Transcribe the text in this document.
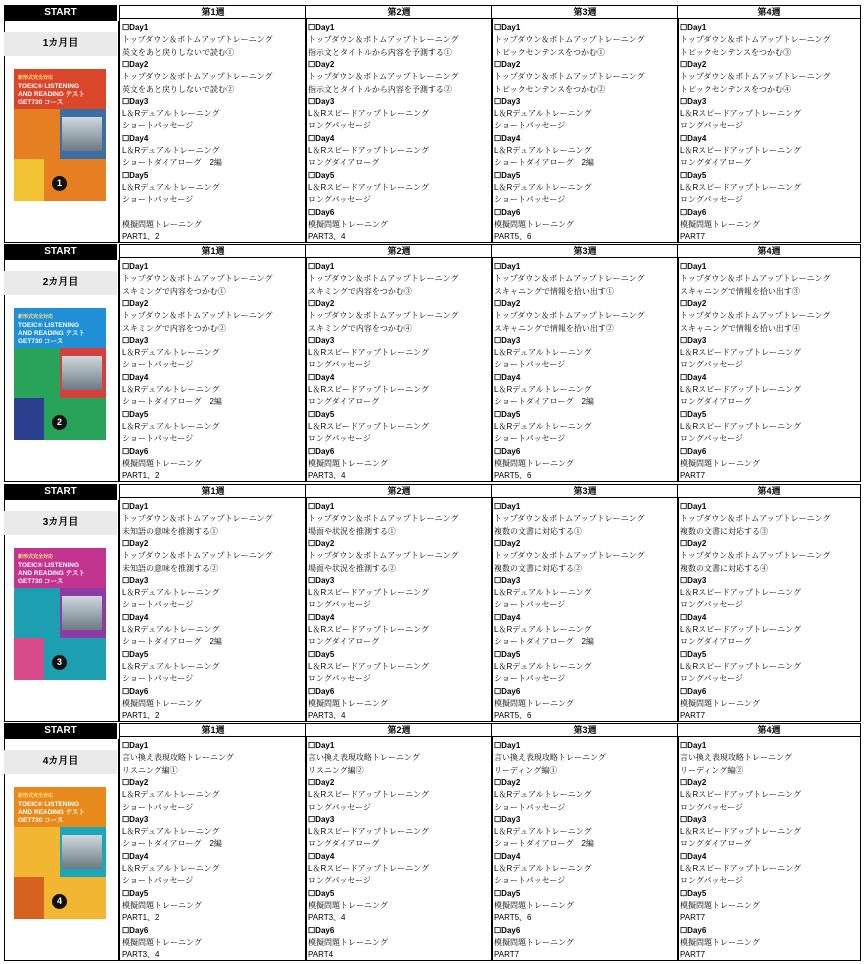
START
1カ月目
新形式完全対応
TOEIC® LISTENING
AND READING テスト
GET730 コース
1
第1週
☐Day1
トップダウン＆ボトムアップトレーニング
英文をあと戻りしないで読む①
☐Day2
トップダウン＆ボトムアップトレーニング
英文をあと戻りしないで読む②
☐Day3
L＆Rデュアルトレーニング
ショートパッセージ
☐Day4
L＆Rデュアルトレーニング
ショートダイアローグ　2編
☐Day5
L＆Rデュアルトレーニング
ショートパッセージ
模擬問題トレーニング
PART1、2
第2週
☐Day1
トップダウン＆ボトムアップトレーニング
指示文とタイトルから内容を予測する①
☐Day2
トップダウン＆ボトムアップトレーニング
指示文とタイトルから内容を予測する②
☐Day3
L＆Rスピードアップトレーニング
ロングパッセージ
☐Day4
L＆Rスピードアップトレーニング
ロングダイアローグ
☐Day5
L＆Rスピードアップトレーニング
ロングパッセージ
☐Day6
模擬問題トレーニング
PART3、4
第3週
☐Day1
トップダウン＆ボトムアップトレーニング
トピックセンテンスをつかむ①
☐Day2
トップダウン＆ボトムアップトレーニング
トピックセンテンスをつかむ②
☐Day3
L＆Rデュアルトレーニング
ショートパッセージ
☐Day4
L＆Rデュアルトレーニング
ショートダイアローグ　2編
☐Day5
L＆Rデュアルトレーニング
ショートパッセージ
☐Day6
模擬問題トレーニング
PART5、6
第4週
☐Day1
トップダウン＆ボトムアップトレーニング
トピックセンテンスをつかむ③
☐Day2
トップダウン＆ボトムアップトレーニング
トピックセンテンスをつかむ④
☐Day3
L＆Rスピードアップトレーニング
ロングパッセージ
☐Day4
L＆Rスピードアップトレーニング
ロングダイアローグ
☐Day5
L＆Rスピードアップトレーニング
ロングパッセージ
☐Day6
模擬問題トレーニング
PART7
START
2カ月目
新形式完全対応
TOEIC® LISTENING
AND READING テスト
GET730 コース
2
第1週
☐Day1
トップダウン＆ボトムアップトレーニング
スキミングで内容をつかむ①
☐Day2
トップダウン＆ボトムアップトレーニング
スキミングで内容をつかむ②
☐Day3
L＆Rデュアルトレーニング
ショートパッセージ
☐Day4
L＆Rデュアルトレーニング
ショートダイアローグ　2編
☐Day5
L＆Rデュアルトレーニング
ショートパッセージ
☐Day6
模擬問題トレーニング
PART1、2
第2週
☐Day1
トップダウン＆ボトムアップトレーニング
スキミングで内容をつかむ③
☐Day2
トップダウン＆ボトムアップトレーニング
スキミングで内容をつかむ④
☐Day3
L＆Rスピードアップトレーニング
ロングパッセージ
☐Day4
L＆Rスピードアップトレーニング
ロングダイアローグ
☐Day5
L＆Rスピードアップトレーニング
ロングパッセージ
☐Day6
模擬問題トレーニング
PART3、4
第3週
☐Day1
トップダウン＆ボトムアップトレーニング
スキャニングで情報を拾い出す①
☐Day2
トップダウン＆ボトムアップトレーニング
スキャニングで情報を拾い出す②
☐Day3
L＆Rデュアルトレーニング
ショートパッセージ
☐Day4
L＆Rデュアルトレーニング
ショートダイアローグ　2編
☐Day5
L＆Rデュアルトレーニング
ショートパッセージ
☐Day6
模擬問題トレーニング
PART5、6
第4週
☐Day1
トップダウン＆ボトムアップトレーニング
スキャニングで情報を拾い出す③
☐Day2
トップダウン＆ボトムアップトレーニング
スキャニングで情報を拾い出す④
☐Day3
L＆Rスピードアップトレーニング
ロングパッセージ
☐Day4
L＆Rスピードアップトレーニング
ロングダイアローグ
☐Day5
L＆Rスピードアップトレーニング
ロングパッセージ
☐Day6
模擬問題トレーニング
PART7
START
3カ月目
新形式完全対応
TOEIC® LISTENING
AND READING テスト
GET730 コース
3
第1週
☐Day1
トップダウン＆ボトムアップトレーニング
未知語の意味を推測する①
☐Day2
トップダウン＆ボトムアップトレーニング
未知語の意味を推測する②
☐Day3
L＆Rデュアルトレーニング
ショートパッセージ
☐Day4
L＆Rデュアルトレーニング
ショートダイアローグ　2編
☐Day5
L＆Rデュアルトレーニング
ショートパッセージ
☐Day6
模擬問題トレーニング
PART1、2
第2週
☐Day1
トップダウン＆ボトムアップトレーニング
場面や状況を推測する①
☐Day2
トップダウン＆ボトムアップトレーニング
場面や状況を推測する②
☐Day3
L＆Rスピードアップトレーニング
ロングパッセージ
☐Day4
L＆Rスピードアップトレーニング
ロングダイアローグ
☐Day5
L＆Rスピードアップトレーニング
ロングパッセージ
☐Day6
模擬問題トレーニング
PART3、4
第3週
☐Day1
トップダウン＆ボトムアップトレーニング
複数の文書に対応する①
☐Day2
トップダウン＆ボトムアップトレーニング
複数の文書に対応する②
☐Day3
L＆Rデュアルトレーニング
ショートパッセージ
☐Day4
L＆Rデュアルトレーニング
ショートダイアローグ　2編
☐Day5
L＆Rデュアルトレーニング
ショートパッセージ
☐Day6
模擬問題トレーニング
PART5、6
第4週
☐Day1
トップダウン＆ボトムアップトレーニング
複数の文書に対応する③
☐Day2
トップダウン＆ボトムアップトレーニング
複数の文書に対応する④
☐Day3
L＆Rスピードアップトレーニング
ロングパッセージ
☐Day4
L＆Rスピードアップトレーニング
ロングダイアローグ
☐Day5
L＆Rスピードアップトレーニング
ロングパッセージ
☐Day6
模擬問題トレーニング
PART7
START
4カ月目
新形式完全対応
TOEIC® LISTENING
AND READING テスト
GET730 コース
4
第1週
☐Day1
言い換え表現攻略トレーニング
リスニング編①
☐Day2
L＆Rデュアルトレーニング
ショートパッセージ
☐Day3
L＆Rデュアルトレーニング
ショートダイアローグ　2編
☐Day4
L＆Rデュアルトレーニング
ショートパッセージ
☐Day5
模擬問題トレーニング
PART1、2
☐Day6
模擬問題トレーニング
PART3、4
第2週
☐Day1
言い換え表現攻略トレーニング
リスニング編②
☐Day2
L＆Rスピードアップトレーニング
ロングパッセージ
☐Day3
L＆Rスピードアップトレーニング
ロングダイアローグ
☐Day4
L＆Rスピードアップトレーニング
ロングパッセージ
☐Day5
模擬問題トレーニング
PART3、4
☐Day6
模擬問題トレーニング
PART4
第3週
☐Day1
言い換え表現攻略トレーニング
リーディング編①
☐Day2
L＆Rデュアルトレーニング
ショートパッセージ
☐Day3
L＆Rデュアルトレーニング
ショートダイアローグ　2編
☐Day4
L＆Rデュアルトレーニング
ショートパッセージ
☐Day5
模擬問題トレーニング
PART5、6
☐Day6
模擬問題トレーニング
PART7
第4週
☐Day1
言い換え表現攻略トレーニング
リーディング編②
☐Day2
L＆Rスピードアップトレーニング
ロングパッセージ
☐Day3
L＆Rスピードアップトレーニング
ロングダイアローグ
☐Day4
L＆Rスピードアップトレーニング
ロングパッセージ
☐Day5
模擬問題トレーニング
PART7
☐Day6
模擬問題トレーニング
PART7
